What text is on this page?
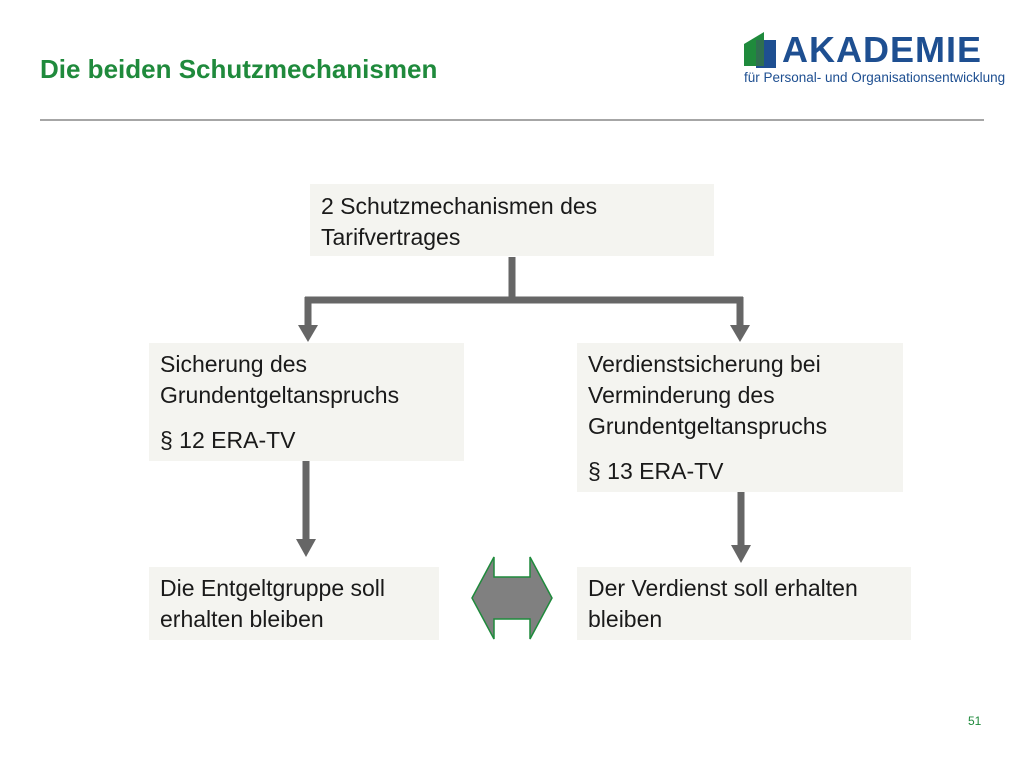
Die beiden Schutzmechanismen	AKADEMIE
für Personal- und Organisationsentwicklung

2 Schutzmechanismen des
Tarifvertrages

Sicherung des Grundentgeltanspruchs

§ 12 ERA-TV

Verdienstsicherung bei Verminderung des Grundentgeltanspruchs

§ 13 ERA-TV

Die Entgeltgruppe soll erhalten bleiben

Der Verdienst soll erhalten bleiben

51
